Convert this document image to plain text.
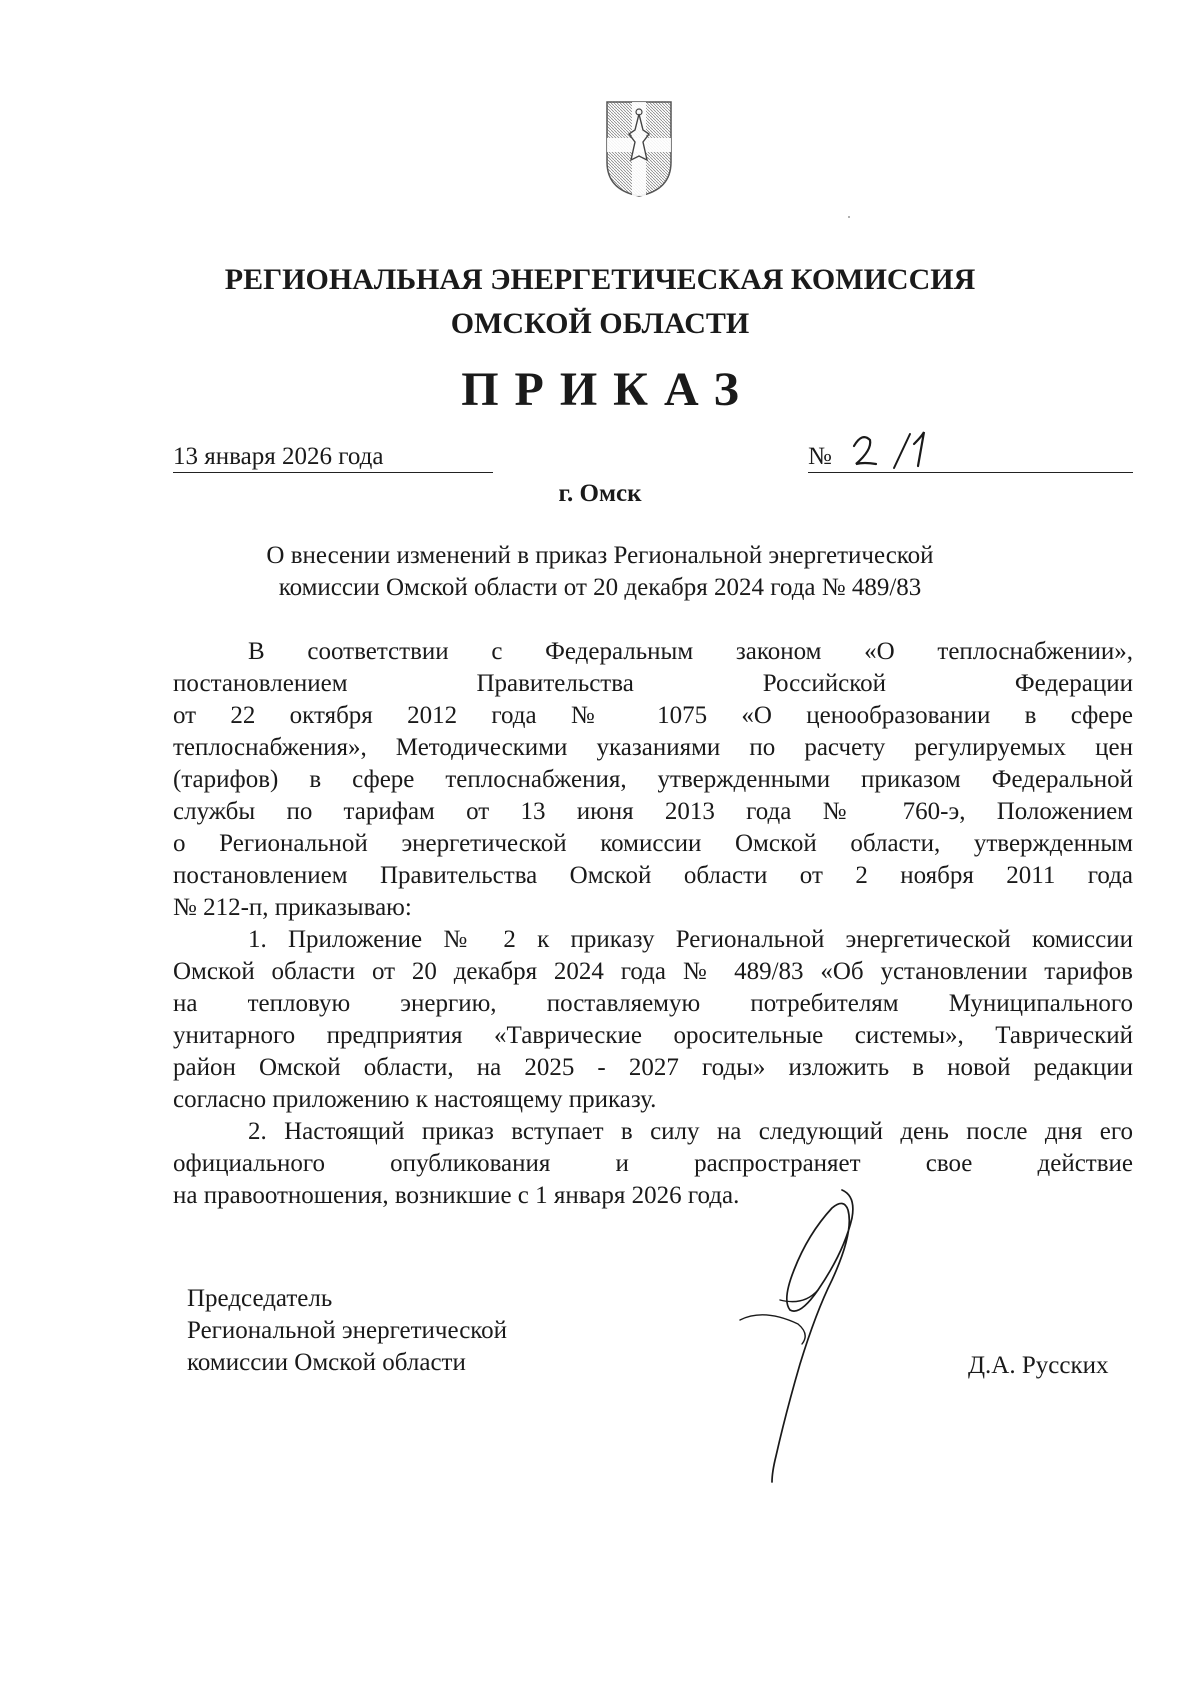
РЕГИОНАЛЬНАЯ ЭНЕРГЕТИЧЕСКАЯ КОМИССИЯ
ОМСКОЙ ОБЛАСТИ
ПРИКАЗ
13 января 2026 года	№
г. Омск
О внесении изменений в приказ Региональной энергетической
комиссии Омской области от 20 декабря 2024 года № 489/83

В соответствии с Федеральным законом «О теплоснабжении»,
постановлением Правительства Российской Федерации
от 22 октября 2012 года № 1075 «О ценообразовании в сфере
теплоснабжения», Методическими указаниями по расчету регулируемых цен
(тарифов) в сфере теплоснабжения, утвержденными приказом Федеральной
службы по тарифам от 13 июня 2013 года № 760-э, Положением
о Региональной энергетической комиссии Омской области, утвержденным
постановлением Правительства Омской области от 2 ноября 2011 года
№ 212-п, приказываю:

1. Приложение № 2 к приказу Региональной энергетической комиссии
Омской области от 20 декабря 2024 года № 489/83 «Об установлении тарифов
на тепловую энергию, поставляемую потребителям Муниципального
унитарного предприятия «Таврические оросительные системы», Таврический
район Омской области, на 2025 - 2027 годы» изложить в новой редакции
согласно приложению к настоящему приказу.

2. Настоящий приказ вступает в силу на следующий день после дня его
официального опубликования и распространяет свое действие
на правоотношения, возникшие с 1 января 2026 года.

Председатель
Региональной энергетической
комиссии Омской области	Д.А. Русских
